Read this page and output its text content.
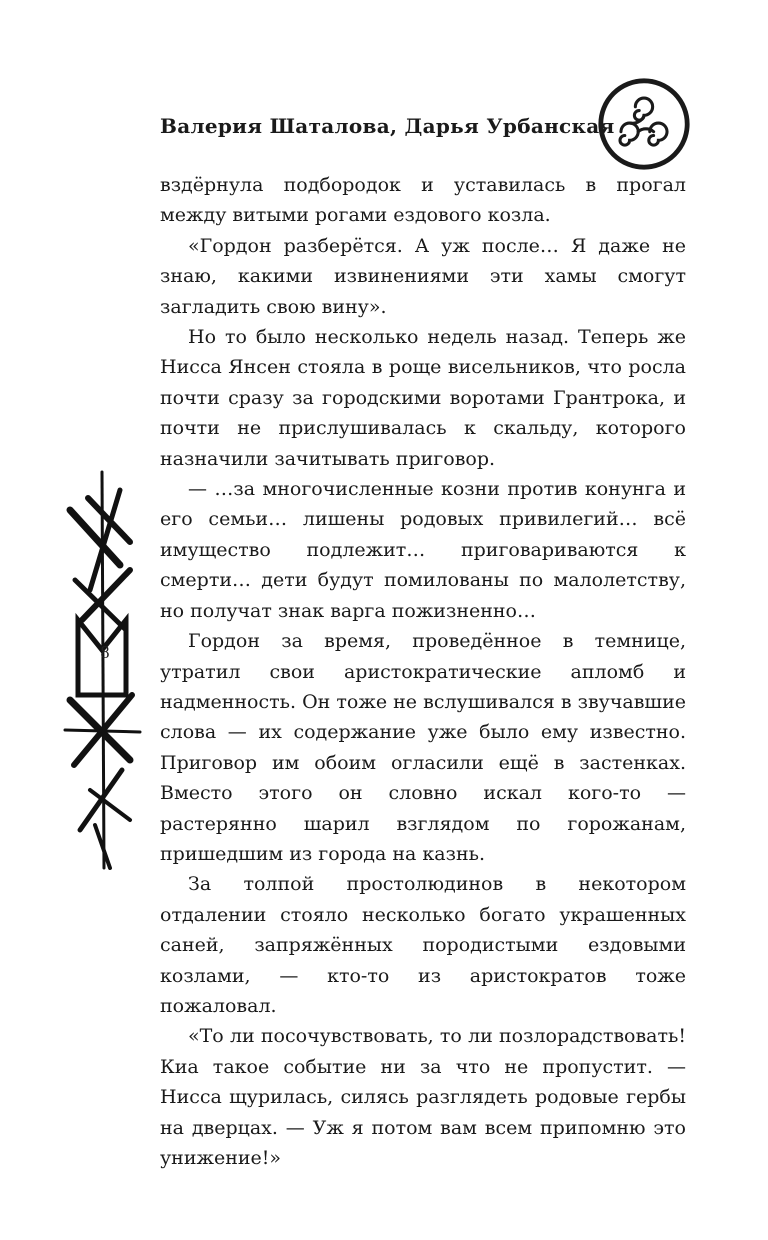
Валерия Шаталова, Дарья Урбанская
8

вздёрнула подбородок и уставилась в прогал между витыми рогами ездового козла.

«Гордон разберётся. А уж после… Я даже не знаю, какими извинениями эти хамы смогут загладить свою вину».

Но то было несколько недель назад. Теперь же Нисса Янсен стояла в роще висельников, что росла почти сразу за городскими воротами Грантрока, и почти не прислушивалась к скальду, которого назначили зачитывать приговор.

— …за многочисленные козни против конунга и его семьи… лишены родовых привилегий… всё имущество подлежит… приговариваются к смерти… дети будут помилованы по малолетству, но получат знак варга пожизненно…

Гордон за время, проведённое в темнице, утратил свои аристократические апломб и надменность. Он тоже не вслушивался в звучавшие слова — их содержание уже было ему известно. Приговор им обоим огласили ещё в застенках. Вместо этого он словно искал кого-то — растерянно шарил взглядом по горожанам, пришедшим из города на казнь.

За толпой простолюдинов в некотором отдалении стояло несколько богато украшенных саней, запряжённых породистыми ездовыми козлами, — кто-то из аристократов тоже пожаловал.

«То ли посочувствовать, то ли позлорадствовать! Киа такое событие ни за что не пропустит. — Нисса щурилась, силясь разглядеть родовые гербы на дверцах. — Уж я потом вам всем припомню это унижение!»
